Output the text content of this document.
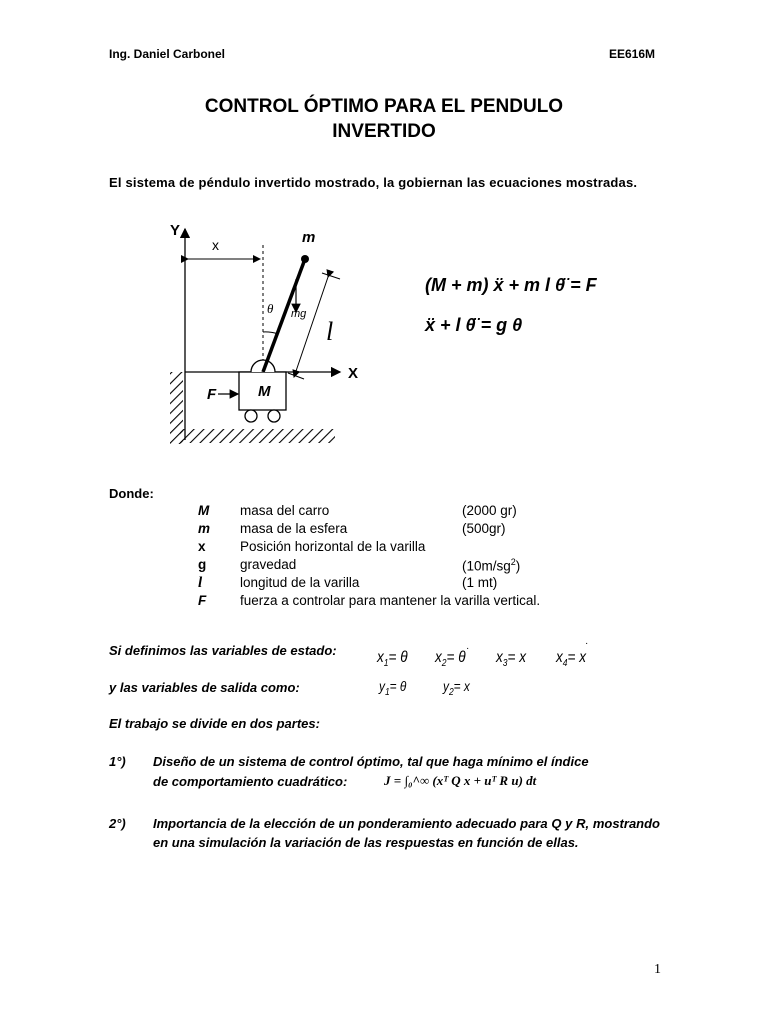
Ing. Daniel Carbonel	EE616M
CONTROL ÓPTIMO PARA EL PENDULO
INVERTIDO
El sistema de péndulo invertido mostrado, la gobiernan las ecuaciones mostradas.
Y
X
x	m
θ mg
l
F	M
(M + m) ẍ + m l θ̈ = F
ẍ + l θ̈ = g θ
Donde:
M masa del carro	(2000 gr)
m masa de la esfera	(500gr)
x	Posición horizontal de la varilla
g	gravedad	$(10m/sg^2)$
l	longitud de la varilla	(1 mt)
F	fuerza a controlar para mantener la varilla vertical.
Si definimos las variables de estado:	$x_1= \theta$ $x_2= \theta$
·
$x_3= x$ $x_4= x$
·
y las variables de salida como:	$y_1= \theta$	$y_2= x$
El trabajo se divide en dos partes:
1°) Diseño de un sistema de control óptimo, tal que haga mínimo el índice
de comportamiento cuadrático:	J = ∫₀^∞ (xᵀ Q x + uᵀ R u) dt
2°) Importancia de la elección de un ponderamiento adecuado para Q y R, mostrando en una simulación la variación de las respuestas en función de ellas.
1
